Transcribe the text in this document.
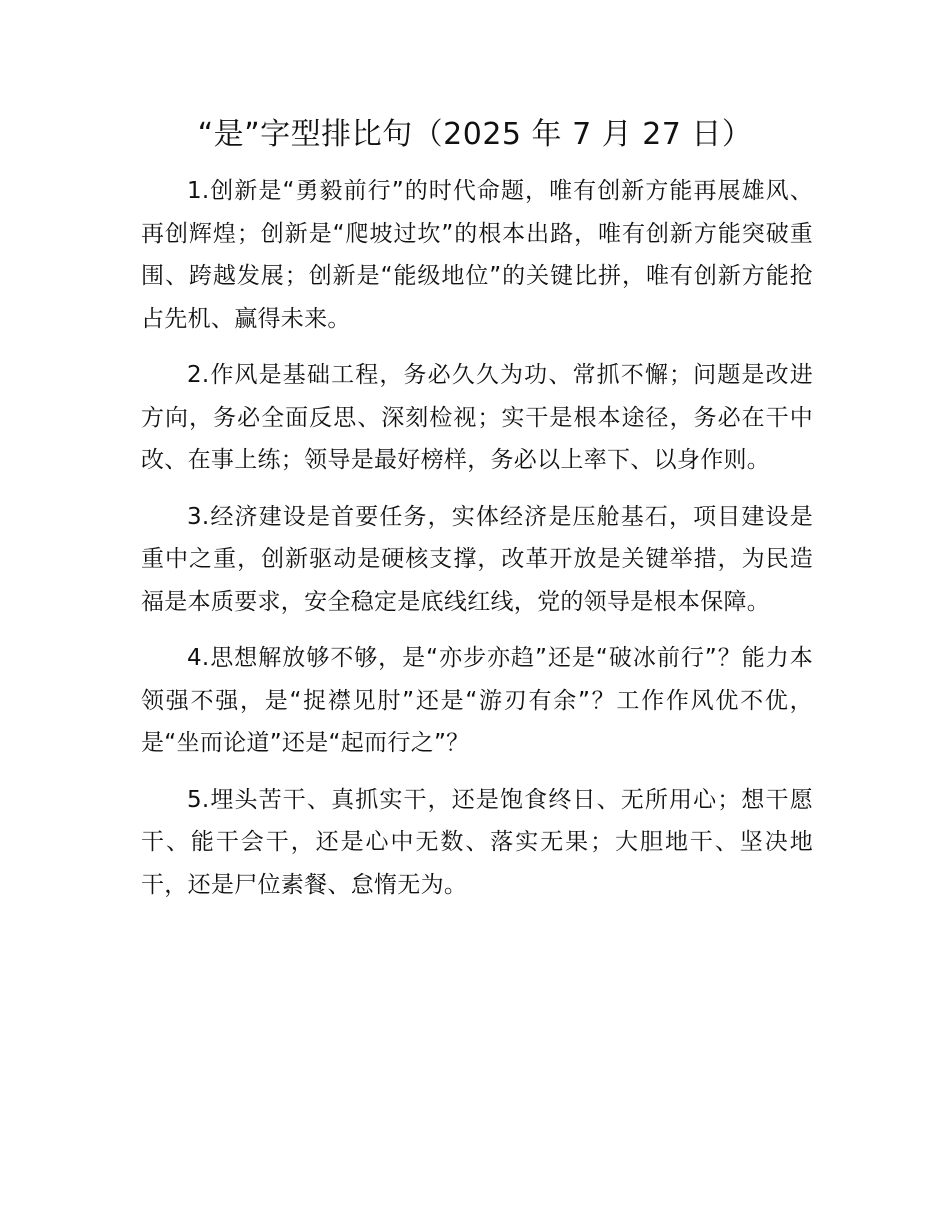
“是”字型排比句（2025 年 7 月 27 日）

1.创新是“勇毅前行”的时代命题，唯有创新方能再展雄风、再创辉煌；创新是“爬坡过坎”的根本出路，唯有创新方能突破重围、跨越发展；创新是“能级地位”的关键比拼，唯有创新方能抢占先机、赢得未来。

2.作风是基础工程，务必久久为功、常抓不懈；问题是改进方向，务必全面反思、深刻检视；实干是根本途径，务必在干中改、在事上练；领导是最好榜样，务必以上率下、以身作则。

3.经济建设是首要任务，实体经济是压舱基石，项目建设是重中之重，创新驱动是硬核支撑，改革开放是关键举措，为民造福是本质要求，安全稳定是底线红线，党的领导是根本保障。

4.思想解放够不够，是“亦步亦趋”还是“破冰前行”？能力本领强不强，是“捉襟见肘”还是“游刃有余”？工作作风优不优，是“坐而论道”还是“起而行之”？

5.埋头苦干、真抓实干，还是饱食终日、无所用心；想干愿干、能干会干，还是心中无数、落实无果；大胆地干、坚决地干，还是尸位素餐、怠惰无为。
